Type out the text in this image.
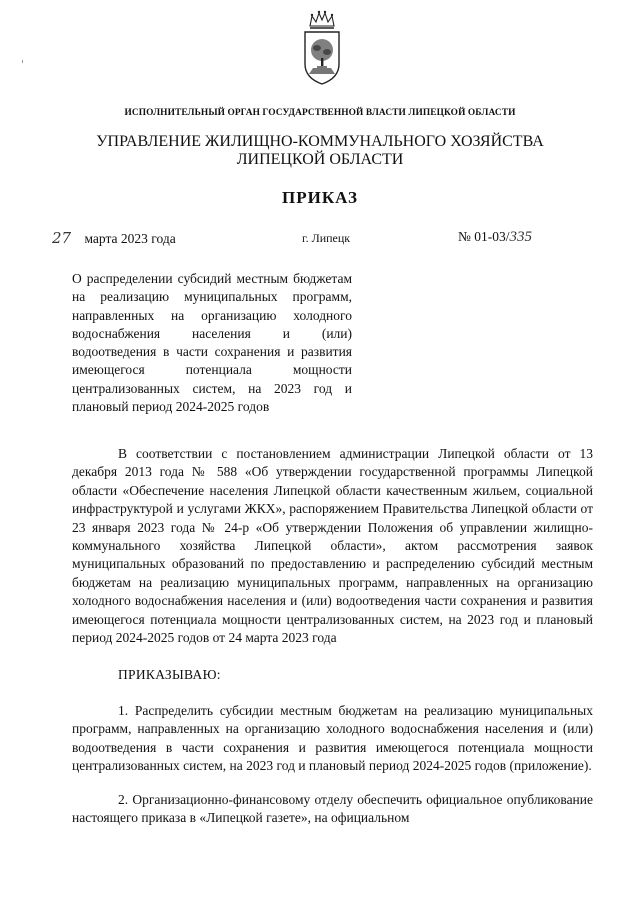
ИСПОЛНИТЕЛЬНЫЙ ОРГАН ГОСУДАРСТВЕННОЙ ВЛАСТИ ЛИПЕЦКОЙ ОБЛАСТИ
УПРАВЛЕНИЕ ЖИЛИЩНО-КОММУНАЛЬНОГО ХОЗЯЙСТВА
ЛИПЕЦКОЙ ОБЛАСТИ
ПРИКАЗ
27 марта 2023 года	г. Липецк	№ 01-03/335
О распределении субсидий местным бюджетам на реализацию муниципальных программ, направленных на организацию холодного водоснабжения населения и (или) водоотведения в части сохранения и развития имеющегося потенциала мощности централизованных систем, на 2023 год и плановый период 2024-2025 годов

В соответствии с постановлением администрации Липецкой области от 13 декабря 2013 года № 588 «Об утверждении государственной программы Липецкой области «Обеспечение населения Липецкой области качественным жильем, социальной инфраструктурой и услугами ЖКХ», распоряжением Правительства Липецкой области от 23 января 2023 года № 24-р «Об утверждении Положения об управлении жилищно-коммунального хозяйства Липецкой области», актом рассмотрения заявок муниципальных образований по предоставлению и распределению субсидий местным бюджетам на реализацию муниципальных программ, направленных на организацию холодного водоснабжения населения и (или) водоотведения части сохранения и развития имеющегося потенциала мощности централизованных систем, на 2023 год и плановый период 2024-2025 годов от 24 марта 2023 года

ПРИКАЗЫВАЮ:

1. Распределить субсидии местным бюджетам на реализацию муниципальных программ, направленных на организацию холодного водоснабжения населения и (или) водоотведения в части сохранения и развития имеющегося потенциала мощности централизованных систем, на 2023 год и плановый период 2024-2025 годов (приложение).

2. Организационно-финансовому отделу обеспечить официальное опубликование настоящего приказа в «Липецкой газете», на официальном
